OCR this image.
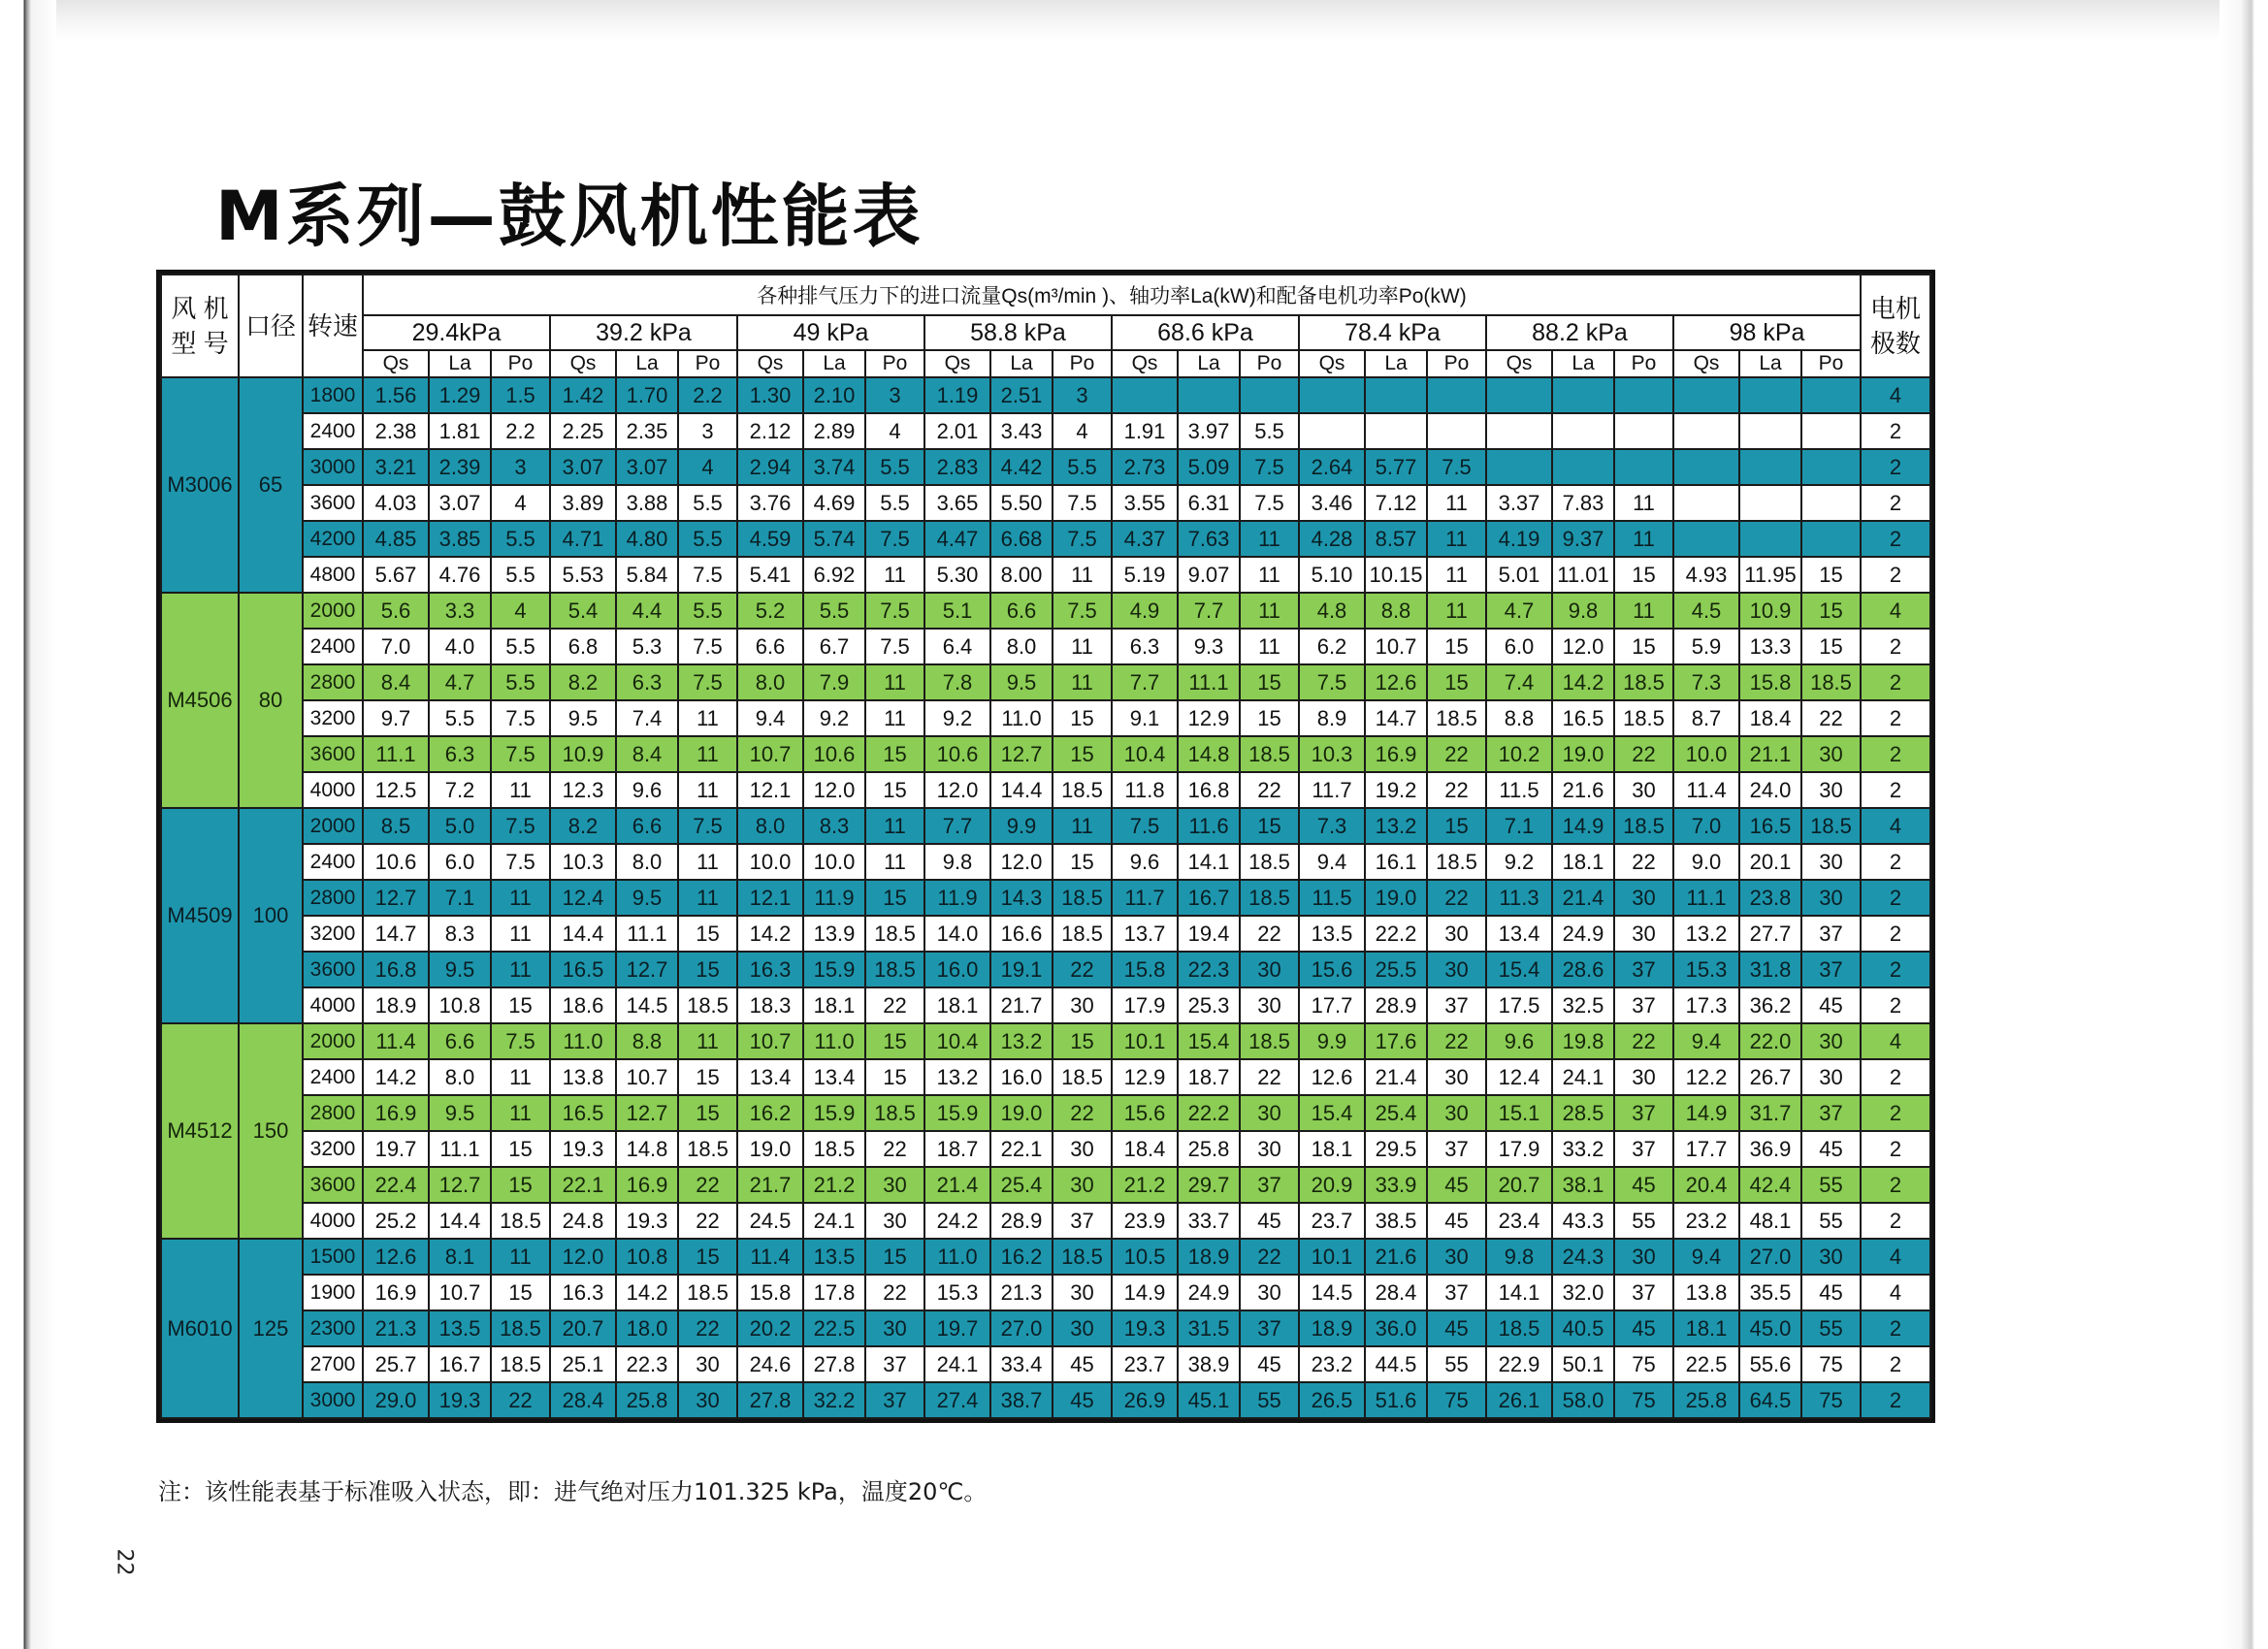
M系列—鼓风机性能表
风 机
型 号	口径	转速	各种排气压力下的进口流量Qs(m³/min )、轴功率La(kW)和配备电机功率Po(kW)																								电机
极数
			29.4kPa			39.2 kPa			49 kPa			58.8 kPa			68.6 kPa			78.4 kPa			88.2 kPa			98 kPa			
			Qs	La	Po	Qs	La	Po	Qs	La	Po	Qs	La	Po	Qs	La	Po	Qs	La	Po	Qs	La	Po	Qs	La	Po	
M3006	65	1800	1.56	1.29	1.5	1.42	1.70	2.2	1.30	2.10	3	1.19	2.51	3													4
		2400	2.38	1.81	2.2	2.25	2.35	3	2.12	2.89	4	2.01	3.43	4	1.91	3.97	5.5										2
		3000	3.21	2.39	3	3.07	3.07	4	2.94	3.74	5.5	2.83	4.42	5.5	2.73	5.09	7.5	2.64	5.77	7.5							2
		3600	4.03	3.07	4	3.89	3.88	5.5	3.76	4.69	5.5	3.65	5.50	7.5	3.55	6.31	7.5	3.46	7.12	11	3.37	7.83	11				2
		4200	4.85	3.85	5.5	4.71	4.80	5.5	4.59	5.74	7.5	4.47	6.68	7.5	4.37	7.63	11	4.28	8.57	11	4.19	9.37	11				2
		4800	5.67	4.76	5.5	5.53	5.84	7.5	5.41	6.92	11	5.30	8.00	11	5.19	9.07	11	5.10	10.15	11	5.01	11.01	15	4.93	11.95	15	2
M4506	80	2000	5.6	3.3	4	5.4	4.4	5.5	5.2	5.5	7.5	5.1	6.6	7.5	4.9	7.7	11	4.8	8.8	11	4.7	9.8	11	4.5	10.9	15	4
		2400	7.0	4.0	5.5	6.8	5.3	7.5	6.6	6.7	7.5	6.4	8.0	11	6.3	9.3	11	6.2	10.7	15	6.0	12.0	15	5.9	13.3	15	2
		2800	8.4	4.7	5.5	8.2	6.3	7.5	8.0	7.9	11	7.8	9.5	11	7.7	11.1	15	7.5	12.6	15	7.4	14.2	18.5	7.3	15.8	18.5	2
		3200	9.7	5.5	7.5	9.5	7.4	11	9.4	9.2	11	9.2	11.0	15	9.1	12.9	15	8.9	14.7	18.5	8.8	16.5	18.5	8.7	18.4	22	2
		3600	11.1	6.3	7.5	10.9	8.4	11	10.7	10.6	15	10.6	12.7	15	10.4	14.8	18.5	10.3	16.9	22	10.2	19.0	22	10.0	21.1	30	2
		4000	12.5	7.2	11	12.3	9.6	11	12.1	12.0	15	12.0	14.4	18.5	11.8	16.8	22	11.7	19.2	22	11.5	21.6	30	11.4	24.0	30	2
M4509	100	2000	8.5	5.0	7.5	8.2	6.6	7.5	8.0	8.3	11	7.7	9.9	11	7.5	11.6	15	7.3	13.2	15	7.1	14.9	18.5	7.0	16.5	18.5	4
		2400	10.6	6.0	7.5	10.3	8.0	11	10.0	10.0	11	9.8	12.0	15	9.6	14.1	18.5	9.4	16.1	18.5	9.2	18.1	22	9.0	20.1	30	2
		2800	12.7	7.1	11	12.4	9.5	11	12.1	11.9	15	11.9	14.3	18.5	11.7	16.7	18.5	11.5	19.0	22	11.3	21.4	30	11.1	23.8	30	2
		3200	14.7	8.3	11	14.4	11.1	15	14.2	13.9	18.5	14.0	16.6	18.5	13.7	19.4	22	13.5	22.2	30	13.4	24.9	30	13.2	27.7	37	2
		3600	16.8	9.5	11	16.5	12.7	15	16.3	15.9	18.5	16.0	19.1	22	15.8	22.3	30	15.6	25.5	30	15.4	28.6	37	15.3	31.8	37	2
		4000	18.9	10.8	15	18.6	14.5	18.5	18.3	18.1	22	18.1	21.7	30	17.9	25.3	30	17.7	28.9	37	17.5	32.5	37	17.3	36.2	45	2
M4512	150	2000	11.4	6.6	7.5	11.0	8.8	11	10.7	11.0	15	10.4	13.2	15	10.1	15.4	18.5	9.9	17.6	22	9.6	19.8	22	9.4	22.0	30	4
		2400	14.2	8.0	11	13.8	10.7	15	13.4	13.4	15	13.2	16.0	18.5	12.9	18.7	22	12.6	21.4	30	12.4	24.1	30	12.2	26.7	30	2
		2800	16.9	9.5	11	16.5	12.7	15	16.2	15.9	18.5	15.9	19.0	22	15.6	22.2	30	15.4	25.4	30	15.1	28.5	37	14.9	31.7	37	2
		3200	19.7	11.1	15	19.3	14.8	18.5	19.0	18.5	22	18.7	22.1	30	18.4	25.8	30	18.1	29.5	37	17.9	33.2	37	17.7	36.9	45	2
		3600	22.4	12.7	15	22.1	16.9	22	21.7	21.2	30	21.4	25.4	30	21.2	29.7	37	20.9	33.9	45	20.7	38.1	45	20.4	42.4	55	2
		4000	25.2	14.4	18.5	24.8	19.3	22	24.5	24.1	30	24.2	28.9	37	23.9	33.7	45	23.7	38.5	45	23.4	43.3	55	23.2	48.1	55	2
M6010	125	1500	12.6	8.1	11	12.0	10.8	15	11.4	13.5	15	11.0	16.2	18.5	10.5	18.9	22	10.1	21.6	30	9.8	24.3	30	9.4	27.0	30	4
		1900	16.9	10.7	15	16.3	14.2	18.5	15.8	17.8	22	15.3	21.3	30	14.9	24.9	30	14.5	28.4	37	14.1	32.0	37	13.8	35.5	45	4
		2300	21.3	13.5	18.5	20.7	18.0	22	20.2	22.5	30	19.7	27.0	30	19.3	31.5	37	18.9	36.0	45	18.5	40.5	45	18.1	45.0	55	2
		2700	25.7	16.7	18.5	25.1	22.3	30	24.6	27.8	37	24.1	33.4	45	23.7	38.9	45	23.2	44.5	55	22.9	50.1	75	22.5	55.6	75	2
		3000	29.0	19.3	22	28.4	25.8	30	27.8	32.2	37	27.4	38.7	45	26.9	45.1	55	26.5	51.6	75	26.1	58.0	75	25.8	64.5	75	2

注：该性能表基于标准吸入状态，即：进气绝对压力101.325 kPa，温度20℃。

22
